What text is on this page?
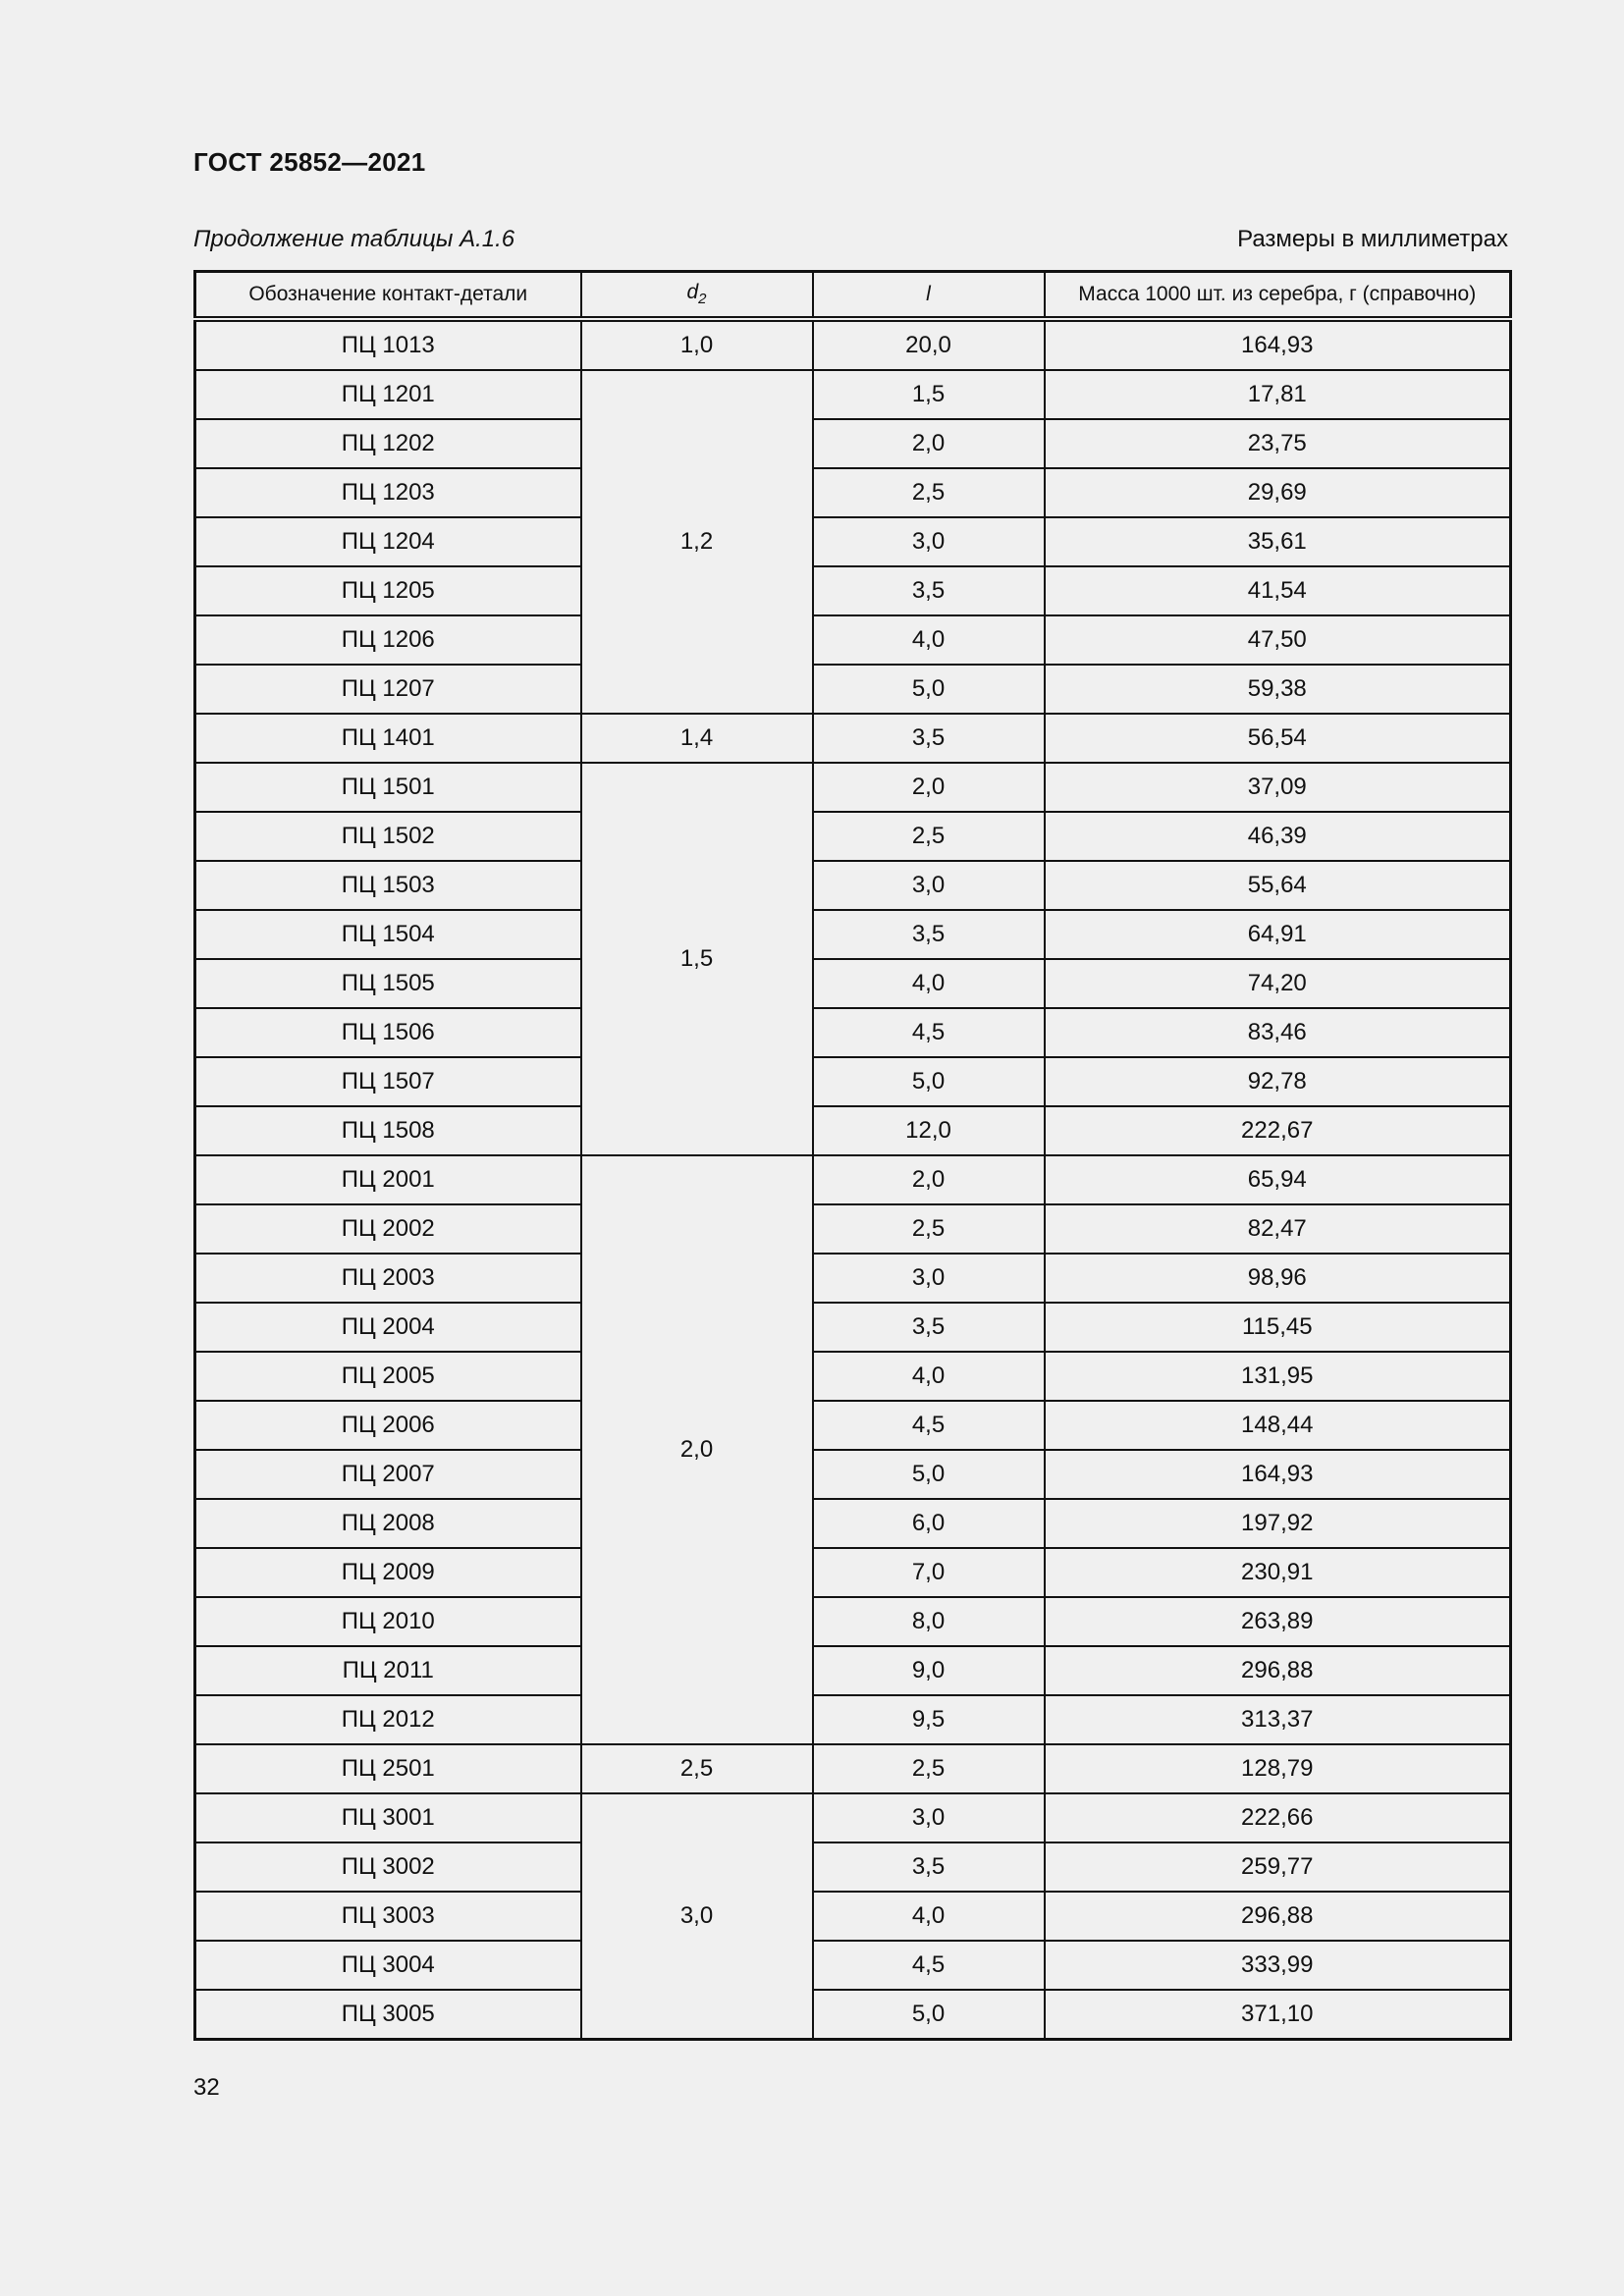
ГОСТ 25852—2021
Продолжение таблицы А.1.6	Размеры в миллиметрах
Обозначение контакт-детали	$d_2$	l	Масса 1000 шт. из серебра, г (справочно)
ПЦ 1013	1,0	20,0	164,93
ПЦ 1201	1,2	1,5	17,81
ПЦ 1202		2,0	23,75
ПЦ 1203		2,5	29,69
ПЦ 1204		3,0	35,61
ПЦ 1205		3,5	41,54
ПЦ 1206		4,0	47,50
ПЦ 1207		5,0	59,38
ПЦ 1401	1,4	3,5	56,54
ПЦ 1501	1,5	2,0	37,09
ПЦ 1502		2,5	46,39
ПЦ 1503		3,0	55,64
ПЦ 1504		3,5	64,91
ПЦ 1505		4,0	74,20
ПЦ 1506		4,5	83,46
ПЦ 1507		5,0	92,78
ПЦ 1508		12,0	222,67
ПЦ 2001	2,0	2,0	65,94
ПЦ 2002		2,5	82,47
ПЦ 2003		3,0	98,96
ПЦ 2004		3,5	115,45
ПЦ 2005		4,0	131,95
ПЦ 2006		4,5	148,44
ПЦ 2007		5,0	164,93
ПЦ 2008		6,0	197,92
ПЦ 2009		7,0	230,91
ПЦ 2010		8,0	263,89
ПЦ 2011		9,0	296,88
ПЦ 2012		9,5	313,37
ПЦ 2501	2,5	2,5	128,79
ПЦ 3001	3,0	3,0	222,66
ПЦ 3002		3,5	259,77
ПЦ 3003		4,0	296,88
ПЦ 3004		4,5	333,99
ПЦ 3005		5,0	371,10
32
